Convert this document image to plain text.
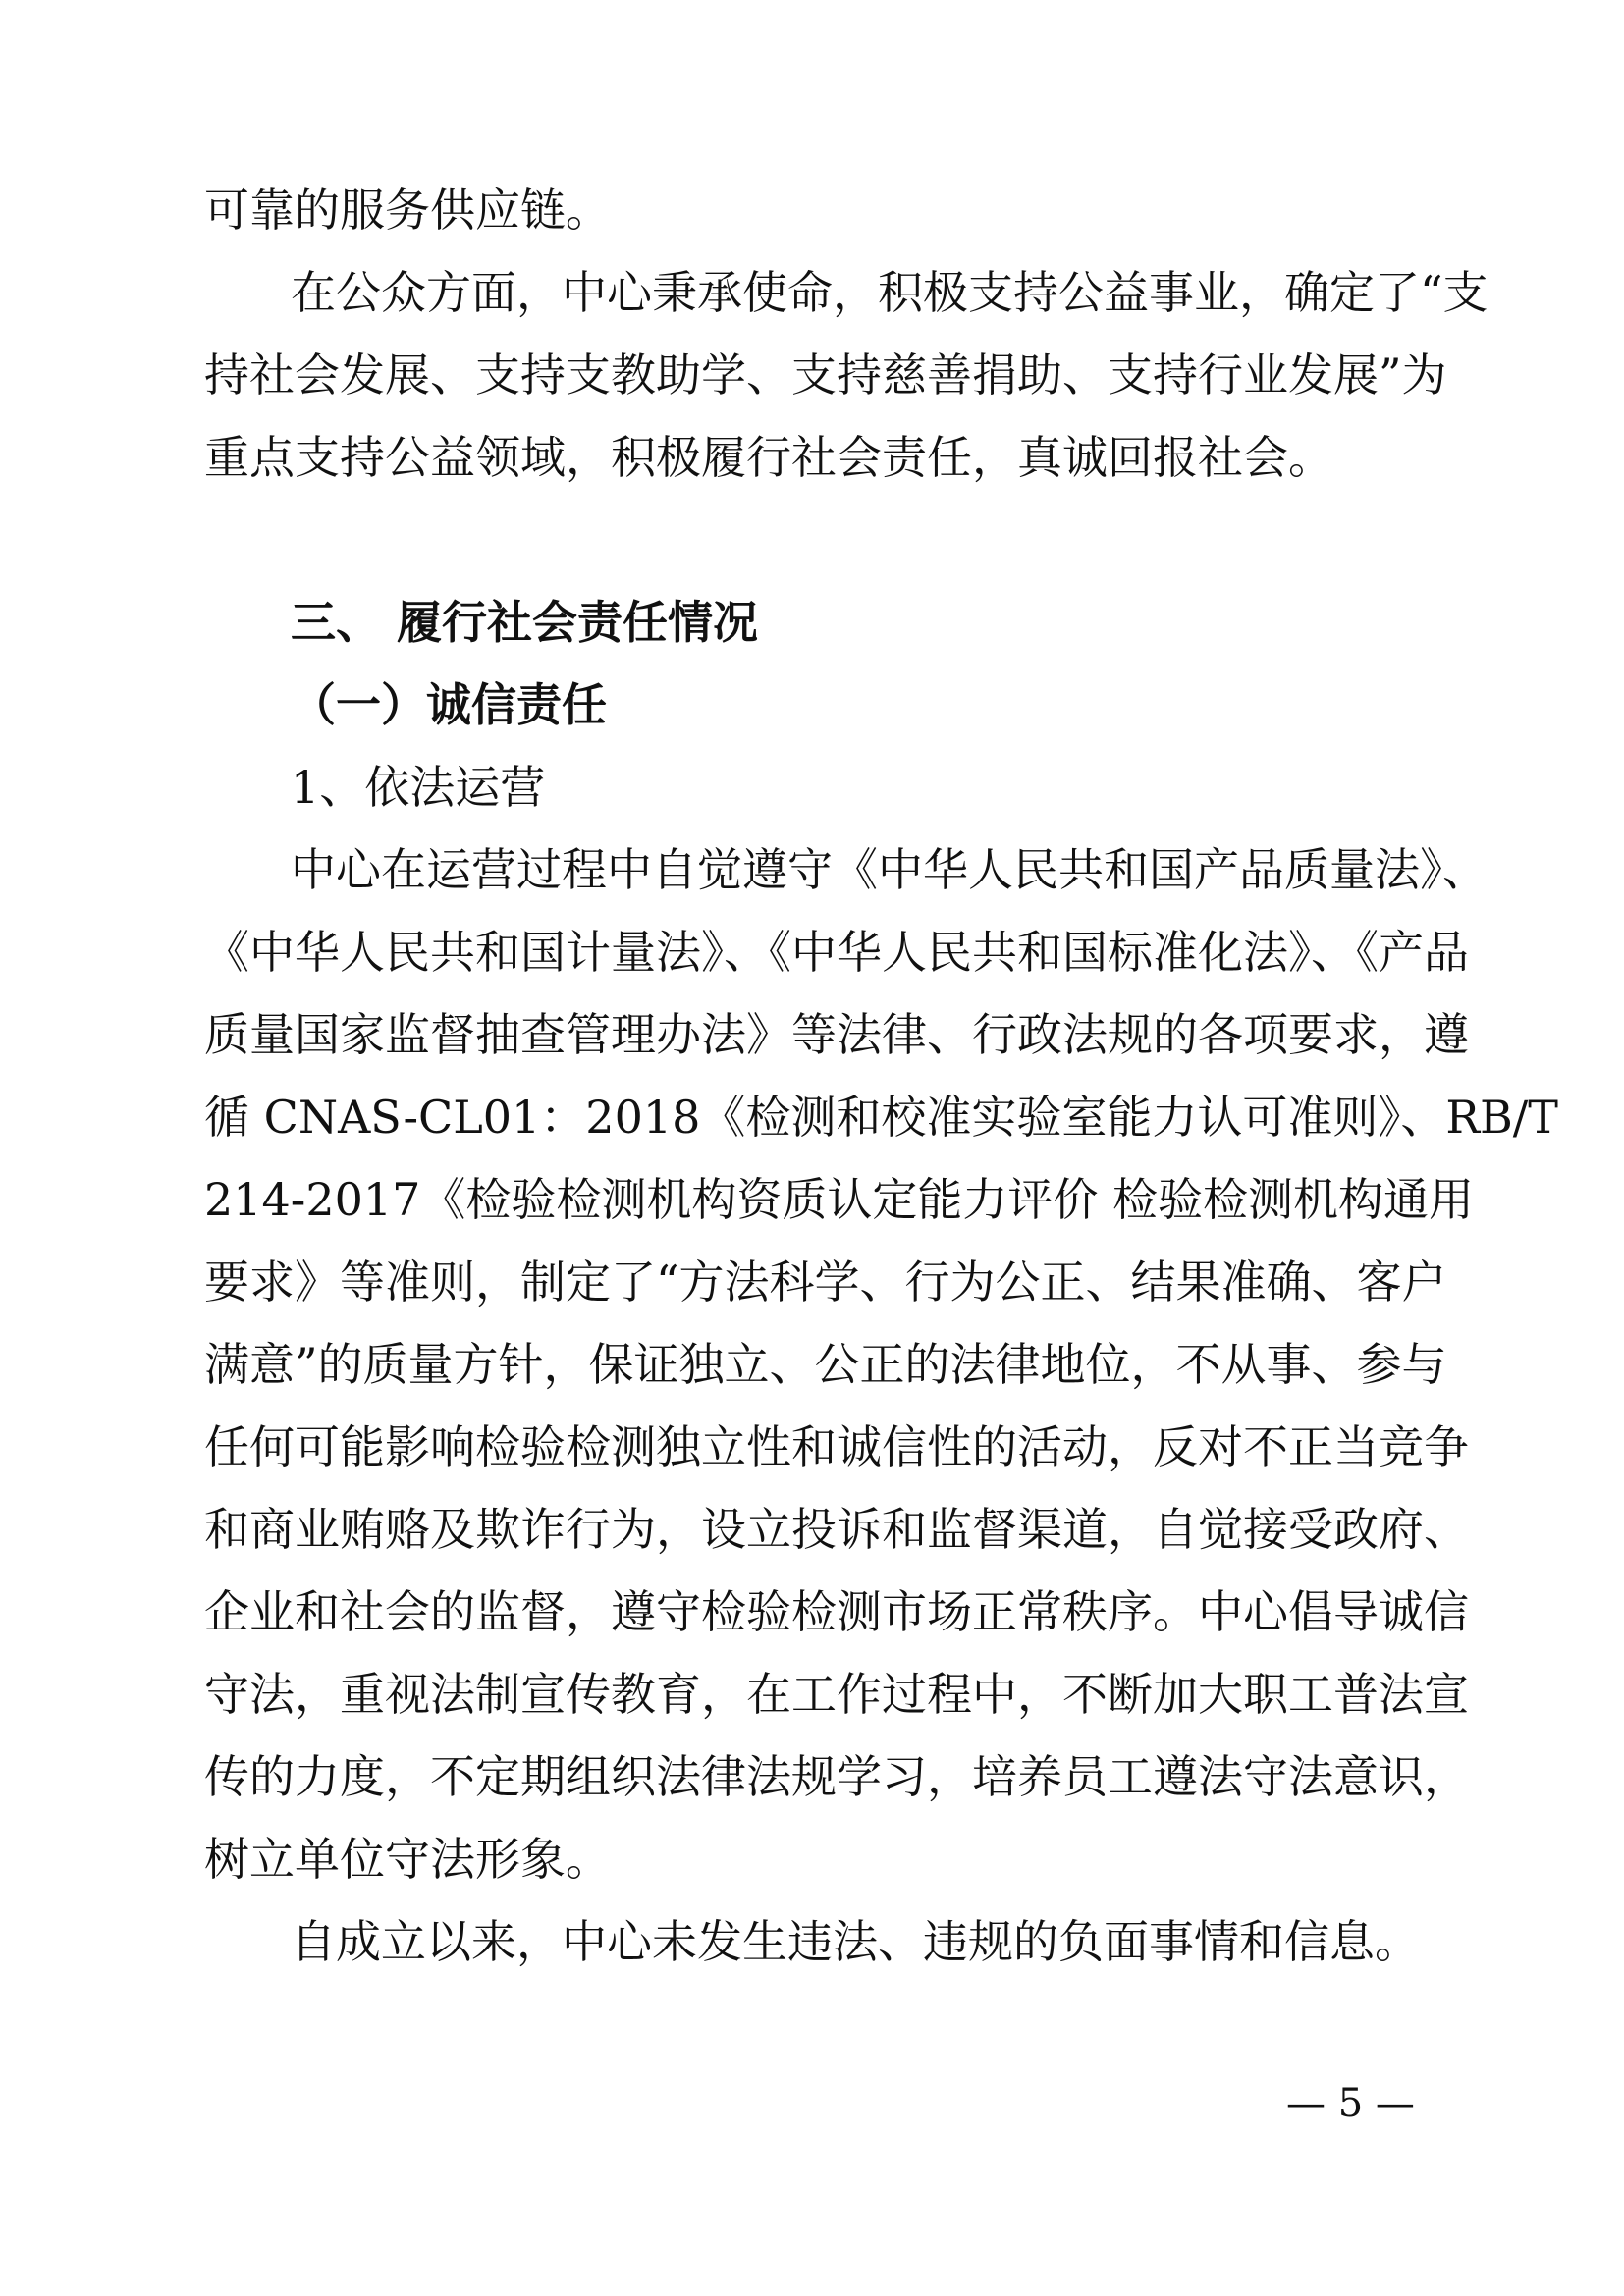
可靠的服务供应链。
在公众方面，中心秉承使命，积极支持公益事业，确定了“支
持社会发展、支持支教助学、支持慈善捐助、支持行业发展”为
重点支持公益领域，积极履行社会责任，真诚回报社会。
三、 履行社会责任情况
（一）诚信责任
1、依法运营
中心在运营过程中自觉遵守《中华人民共和国产品质量法》、
《中华人民共和国计量法》、《中华人民共和国标准化法》、《产品
质量国家监督抽查管理办法》等法律、行政法规的各项要求，遵
循 CNAS-CL01：2018《检测和校准实验室能力认可准则》、RB/T
214-2017《检验检测机构资质认定能力评价 检验检测机构通用
要求》等准则，制定了“方法科学、行为公正、结果准确、客户
满意”的质量方针，保证独立、公正的法律地位，不从事、参与
任何可能影响检验检测独立性和诚信性的活动，反对不正当竞争
和商业贿赂及欺诈行为，设立投诉和监督渠道，自觉接受政府、
企业和社会的监督，遵守检验检测市场正常秩序。中心倡导诚信
守法，重视法制宣传教育，在工作过程中，不断加大职工普法宣
传的力度，不定期组织法律法规学习，培养员工遵法守法意识，
树立单位守法形象。
自成立以来，中心未发生违法、违规的负面事情和信息。
— 5 —
